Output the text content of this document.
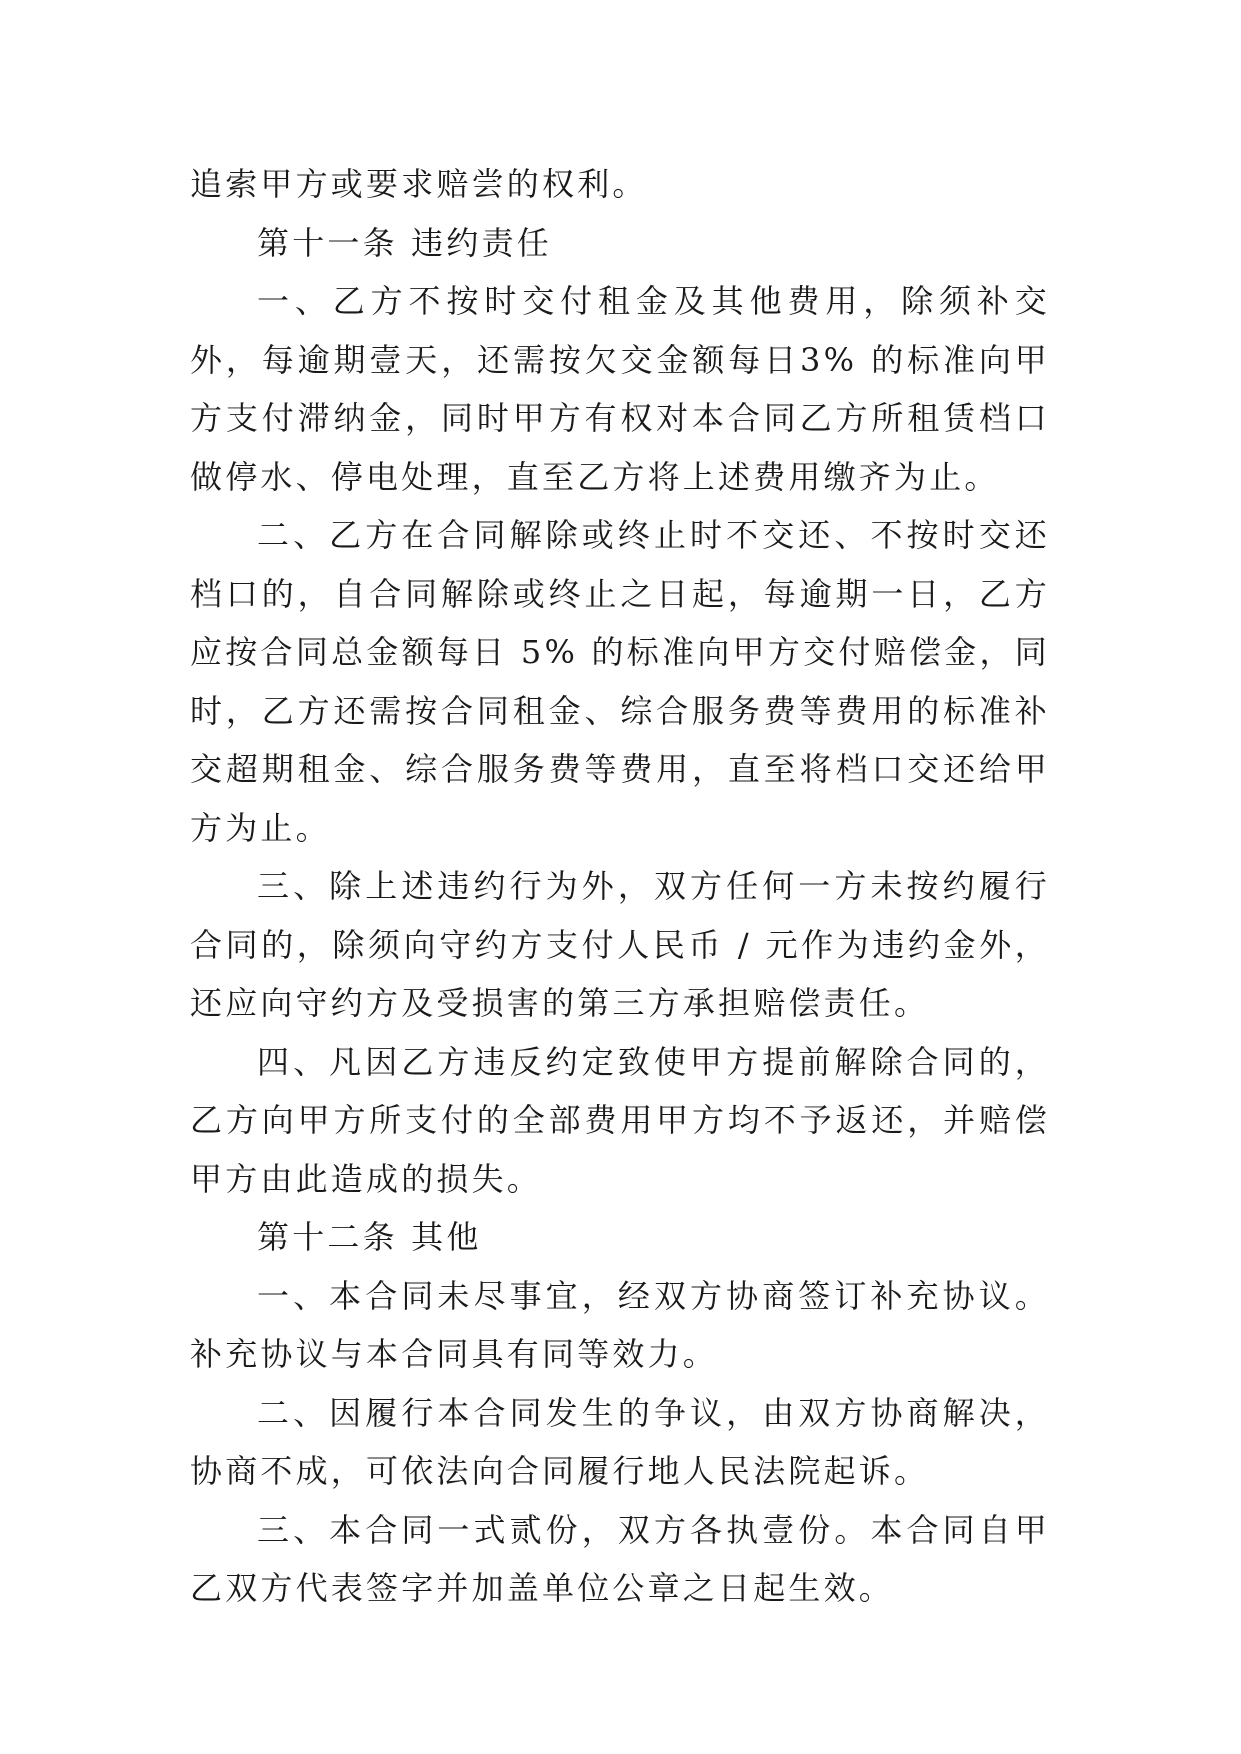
追索甲方或要求赔尝的权利。

第十一条 违约责任

一、乙方不按时交付租金及其他费用，除须补交外，每逾期壹天，还需按欠交金额每日3% 的标准向甲方支付滞纳金，同时甲方有权对本合同乙方所租赁档口做停水、停电处理，直至乙方将上述费用缴齐为止。

二、乙方在合同解除或终止时不交还、不按时交还档口的，自合同解除或终止之日起，每逾期一日，乙方应按合同总金额每日 5% 的标准向甲方交付赔偿金，同时，乙方还需按合同租金、综合服务费等费用的标准补交超期租金、综合服务费等费用，直至将档口交还给甲方为止。

三、除上述违约行为外，双方任何一方未按约履行合同的，除须向守约方支付人民币 / 元作为违约金外，还应向守约方及受损害的第三方承担赔偿责任。

四、凡因乙方违反约定致使甲方提前解除合同的，乙方向甲方所支付的全部费用甲方均不予返还，并赔偿甲方由此造成的损失。

第十二条 其他

一、本合同未尽事宜，经双方协商签订补充协议。补充协议与本合同具有同等效力。

二、因履行本合同发生的争议，由双方协商解决，协商不成，可依法向合同履行地人民法院起诉。

三、本合同一式贰份，双方各执壹份。本合同自甲乙双方代表签字并加盖单位公章之日起生效。
